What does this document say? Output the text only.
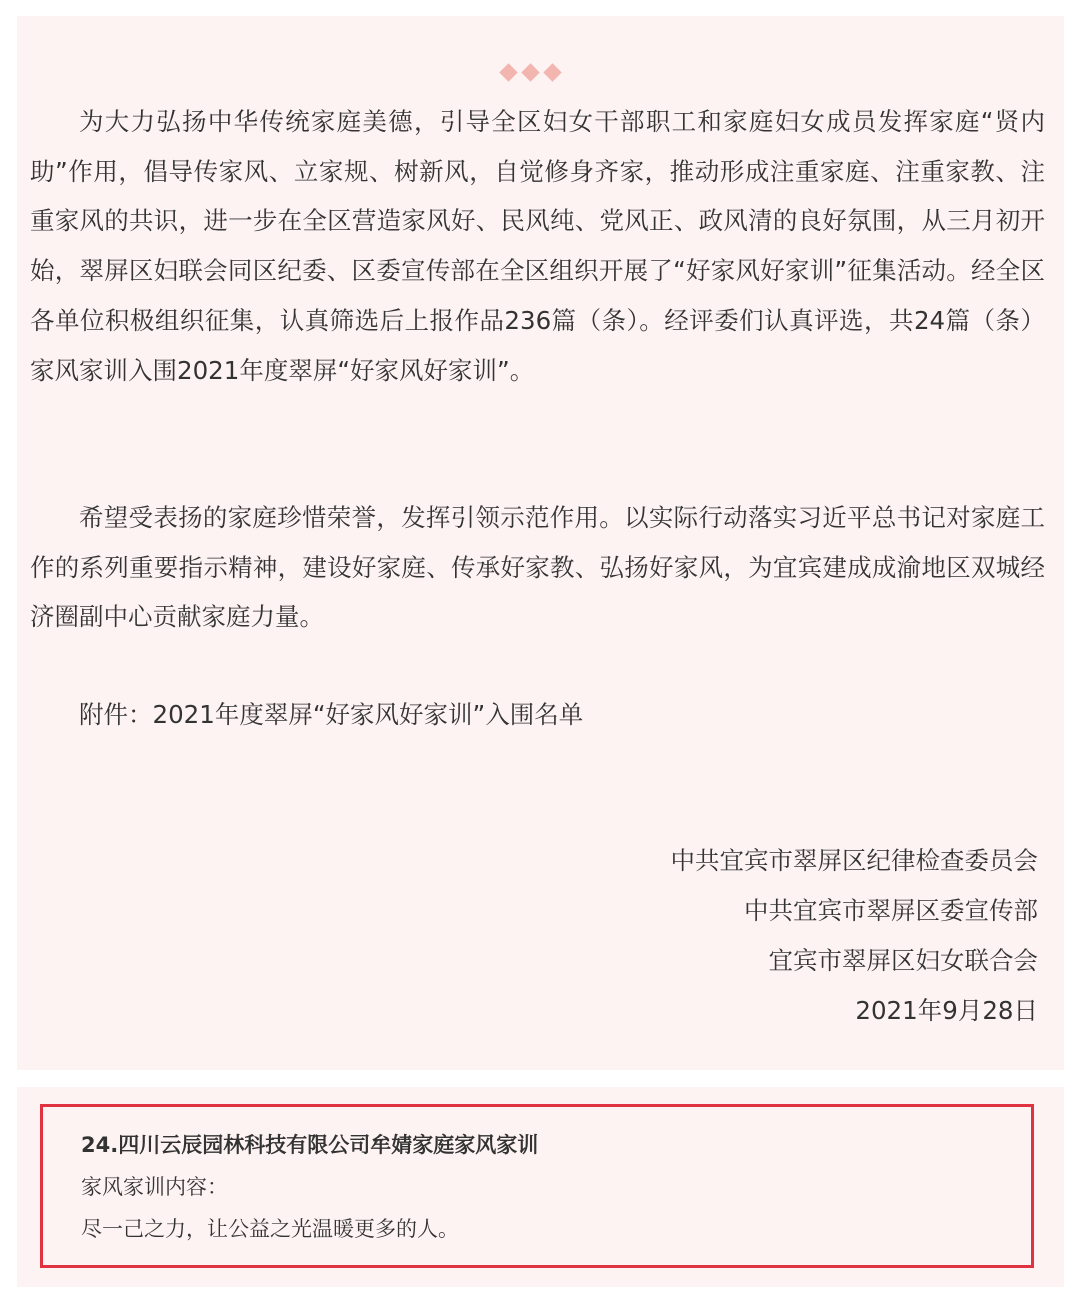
为大力弘扬中华传统家庭美德，引导全区妇女干部职工和家庭妇女成员发挥家庭“贤内助”作用，倡导传家风、立家规、树新风，自觉修身齐家，推动形成注重家庭、注重家教、注重家风的共识，进一步在全区营造家风好、民风纯、党风正、政风清的良好氛围，从三月初开始，翠屏区妇联会同区纪委、区委宣传部在全区组织开展了“好家风好家训”征集活动。经全区各单位积极组织征集，认真筛选后上报作品236篇（条）。经评委们认真评选，共24篇（条）家风家训入围2021年度翠屏“好家风好家训”。

希望受表扬的家庭珍惜荣誉，发挥引领示范作用。以实际行动落实习近平总书记对家庭工作的系列重要指示精神，建设好家庭、传承好家教、弘扬好家风，为宜宾建成成渝地区双城经济圈副中心贡献家庭力量。

附件：2021年度翠屏“好家风好家训”入围名单

中共宜宾市翠屏区纪律检查委员会
中共宜宾市翠屏区委宣传部
宜宾市翠屏区妇女联合会
2021年9月28日
24.四川云辰园林科技有限公司牟婧家庭家风家训
家风家训内容：
尽一己之力，让公益之光温暖更多的人。
